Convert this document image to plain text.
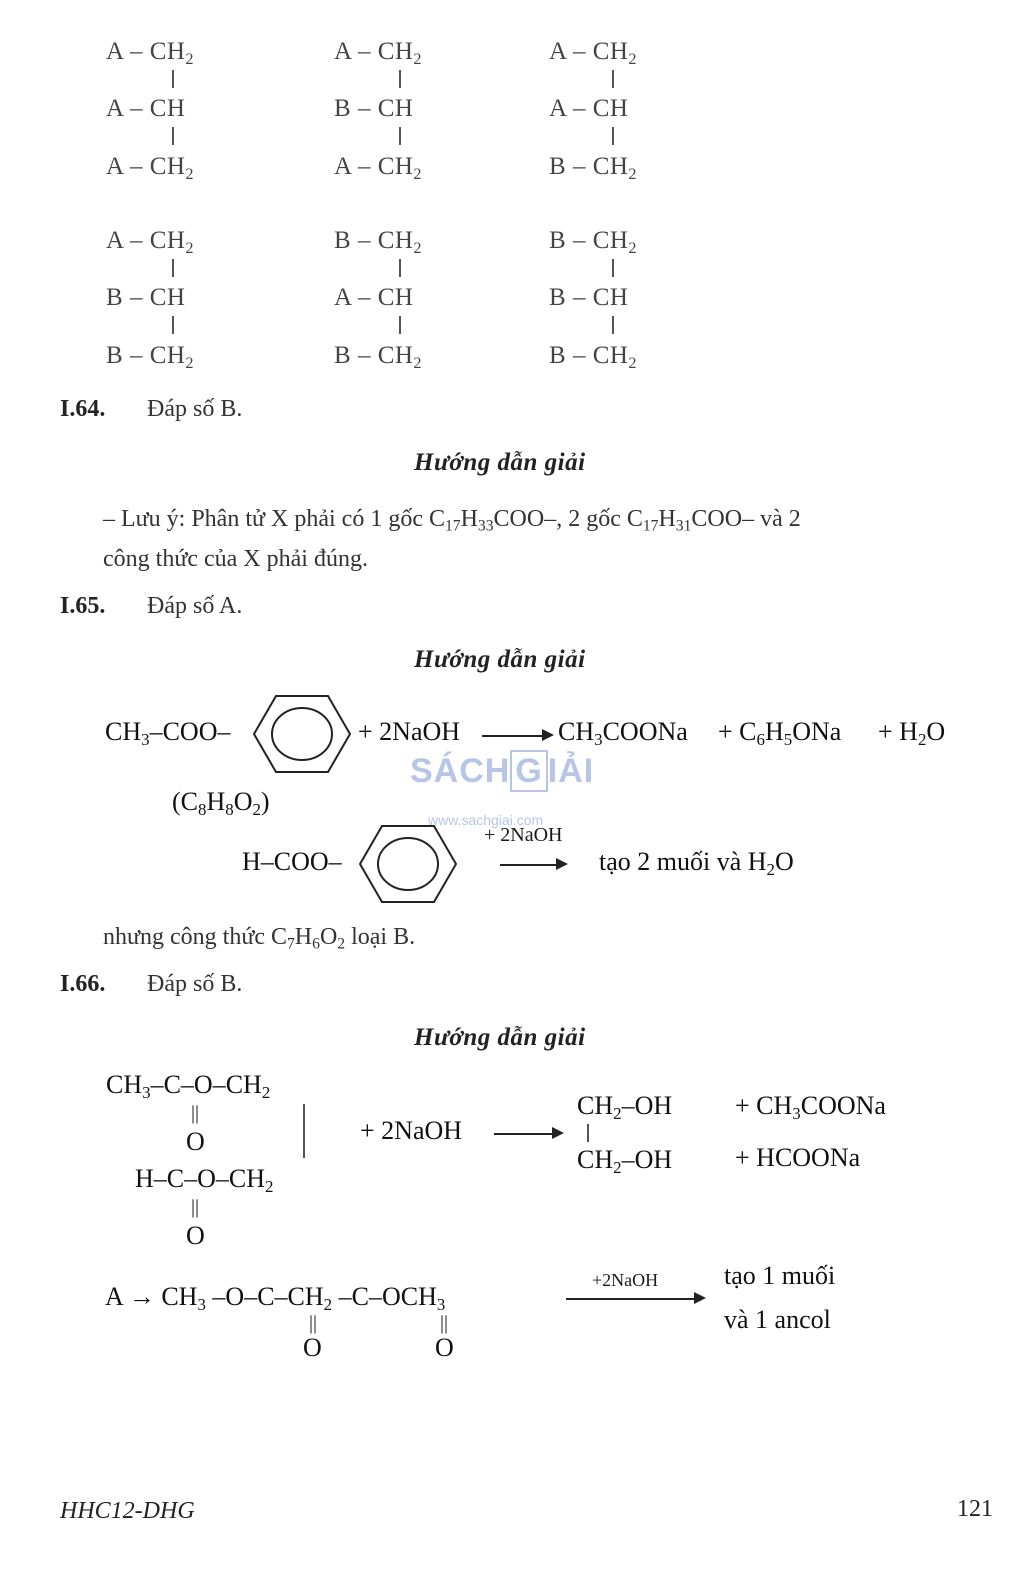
A – $CH_2$
A – CH
A – $CH_2$
A – $CH_2$
B – CH
A – $CH_2$
A – $CH_2$
A – CH
B – $CH_2$
A – $CH_2$
B – CH
B – $CH_2$
B – $CH_2$
A – CH
B – $CH_2$
B – $CH_2$
B – CH
B – $CH_2$
I.64. Đáp số B.
Hướng dẫn giải
– Lưu ý: Phân tử X phải có 1 gốc $C_{17}H_{33}COO-$, 2 gốc $C_{17}H_{31}COO-$ và 2
công thức của X phải đúng.
I.65. Đáp số A.
Hướng dẫn giải
$CH_3-COO-$	+ 2NaOH	$CH_3COONa + C_6H_5ONa + H_2O$
SÁCH G IẢI
$(C_8H_8O_2)$
www.sachgiai.com
H–COO–
+ 2NaOH
tạo 2 muối và $H_2O$
nhưng công thức $C_7H_6O_2$ loại B.
I.66. Đáp số B.
Hướng dẫn giải
$CH_3-C-O-CH_2$
||
O
$H-C-O-CH_2$
||
O
+ 2NaOH
$CH_2-OH$
$CH_2-OH$
+ $CH_3COONa$
+ HCOONa
$A \to CH_3$ $-O-C-CH_2$ $-C-OCH_3$
||
O
||
O
+2NaOH	tạo 1 muối
và 1 ancol
HHC12-DHG	121
